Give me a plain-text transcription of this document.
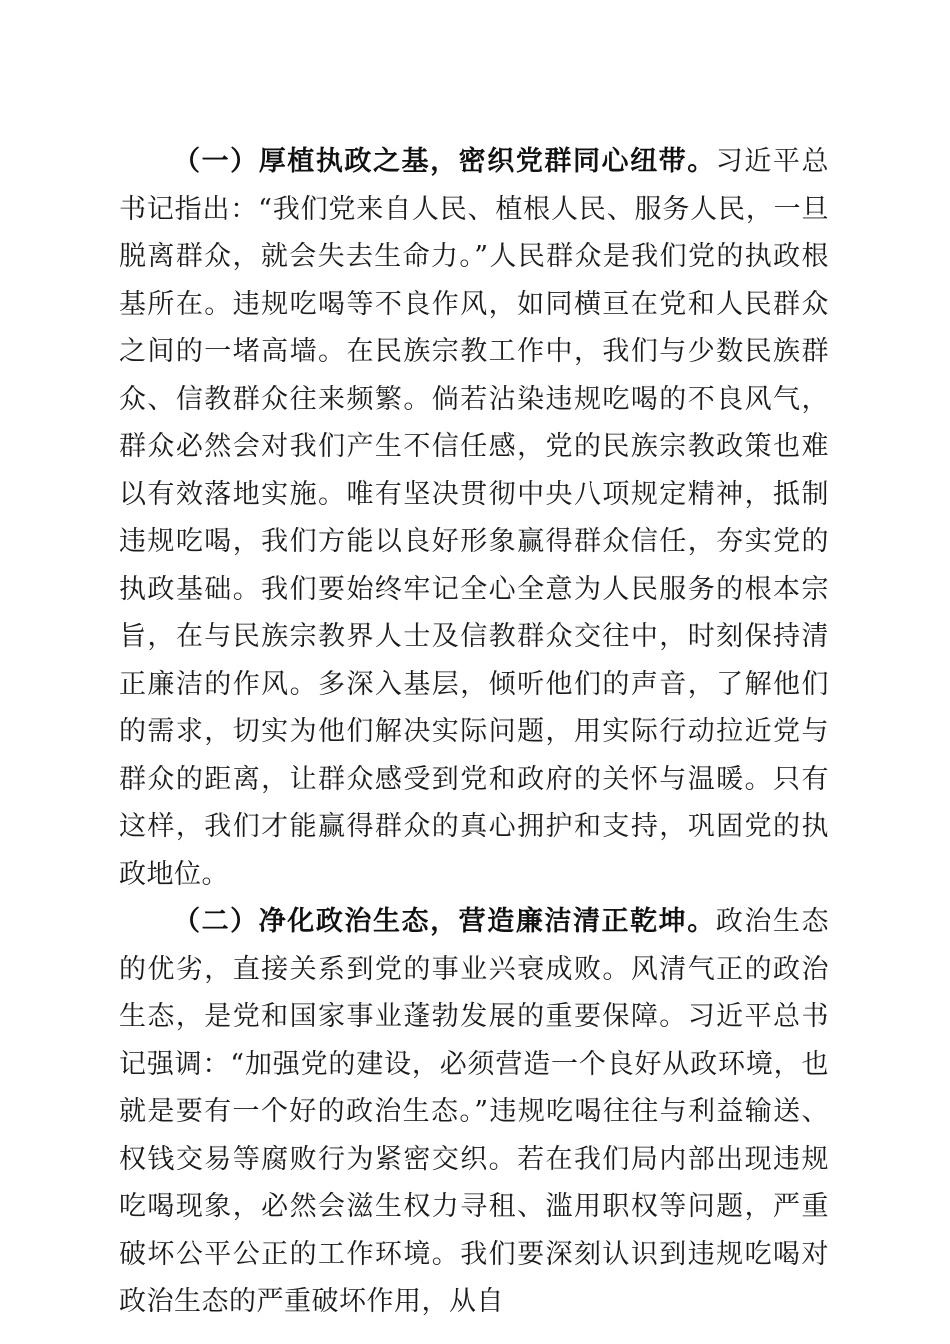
（一）厚植执政之基，密织党群同心纽带。习近平总书记指出：“我们党来自人民、植根人民、服务人民，一旦脱离群众，就会失去生命力。”人民群众是我们党的执政根基所在。违规吃喝等不良作风，如同横亘在党和人民群众之间的一堵高墙。在民族宗教工作中，我们与少数民族群众、信教群众往来频繁。倘若沾染违规吃喝的不良风气，群众必然会对我们产生不信任感，党的民族宗教政策也难以有效落地实施。唯有坚决贯彻中央八项规定精神，抵制违规吃喝，我们方能以良好形象赢得群众信任，夯实党的执政基础。我们要始终牢记全心全意为人民服务的根本宗旨，在与民族宗教界人士及信教群众交往中，时刻保持清正廉洁的作风。多深入基层，倾听他们的声音，了解他们的需求，切实为他们解决实际问题，用实际行动拉近党与群众的距离，让群众感受到党和政府的关怀与温暖。只有这样，我们才能赢得群众的真心拥护和支持，巩固党的执政地位。

（二）净化政治生态，营造廉洁清正乾坤。政治生态的优劣，直接关系到党的事业兴衰成败。风清气正的政治生态，是党和国家事业蓬勃发展的重要保障。习近平总书记强调：“加强党的建设，必须营造一个良好从政环境，也就是要有一个好的政治生态。”违规吃喝往往与利益输送、权钱交易等腐败行为紧密交织。若在我们局内部出现违规吃喝现象，必然会滋生权力寻租、滥用职权等问题，严重破坏公平公正的工作环境。我们要深刻认识到违规吃喝对政治生态的严重破坏作用，从自
